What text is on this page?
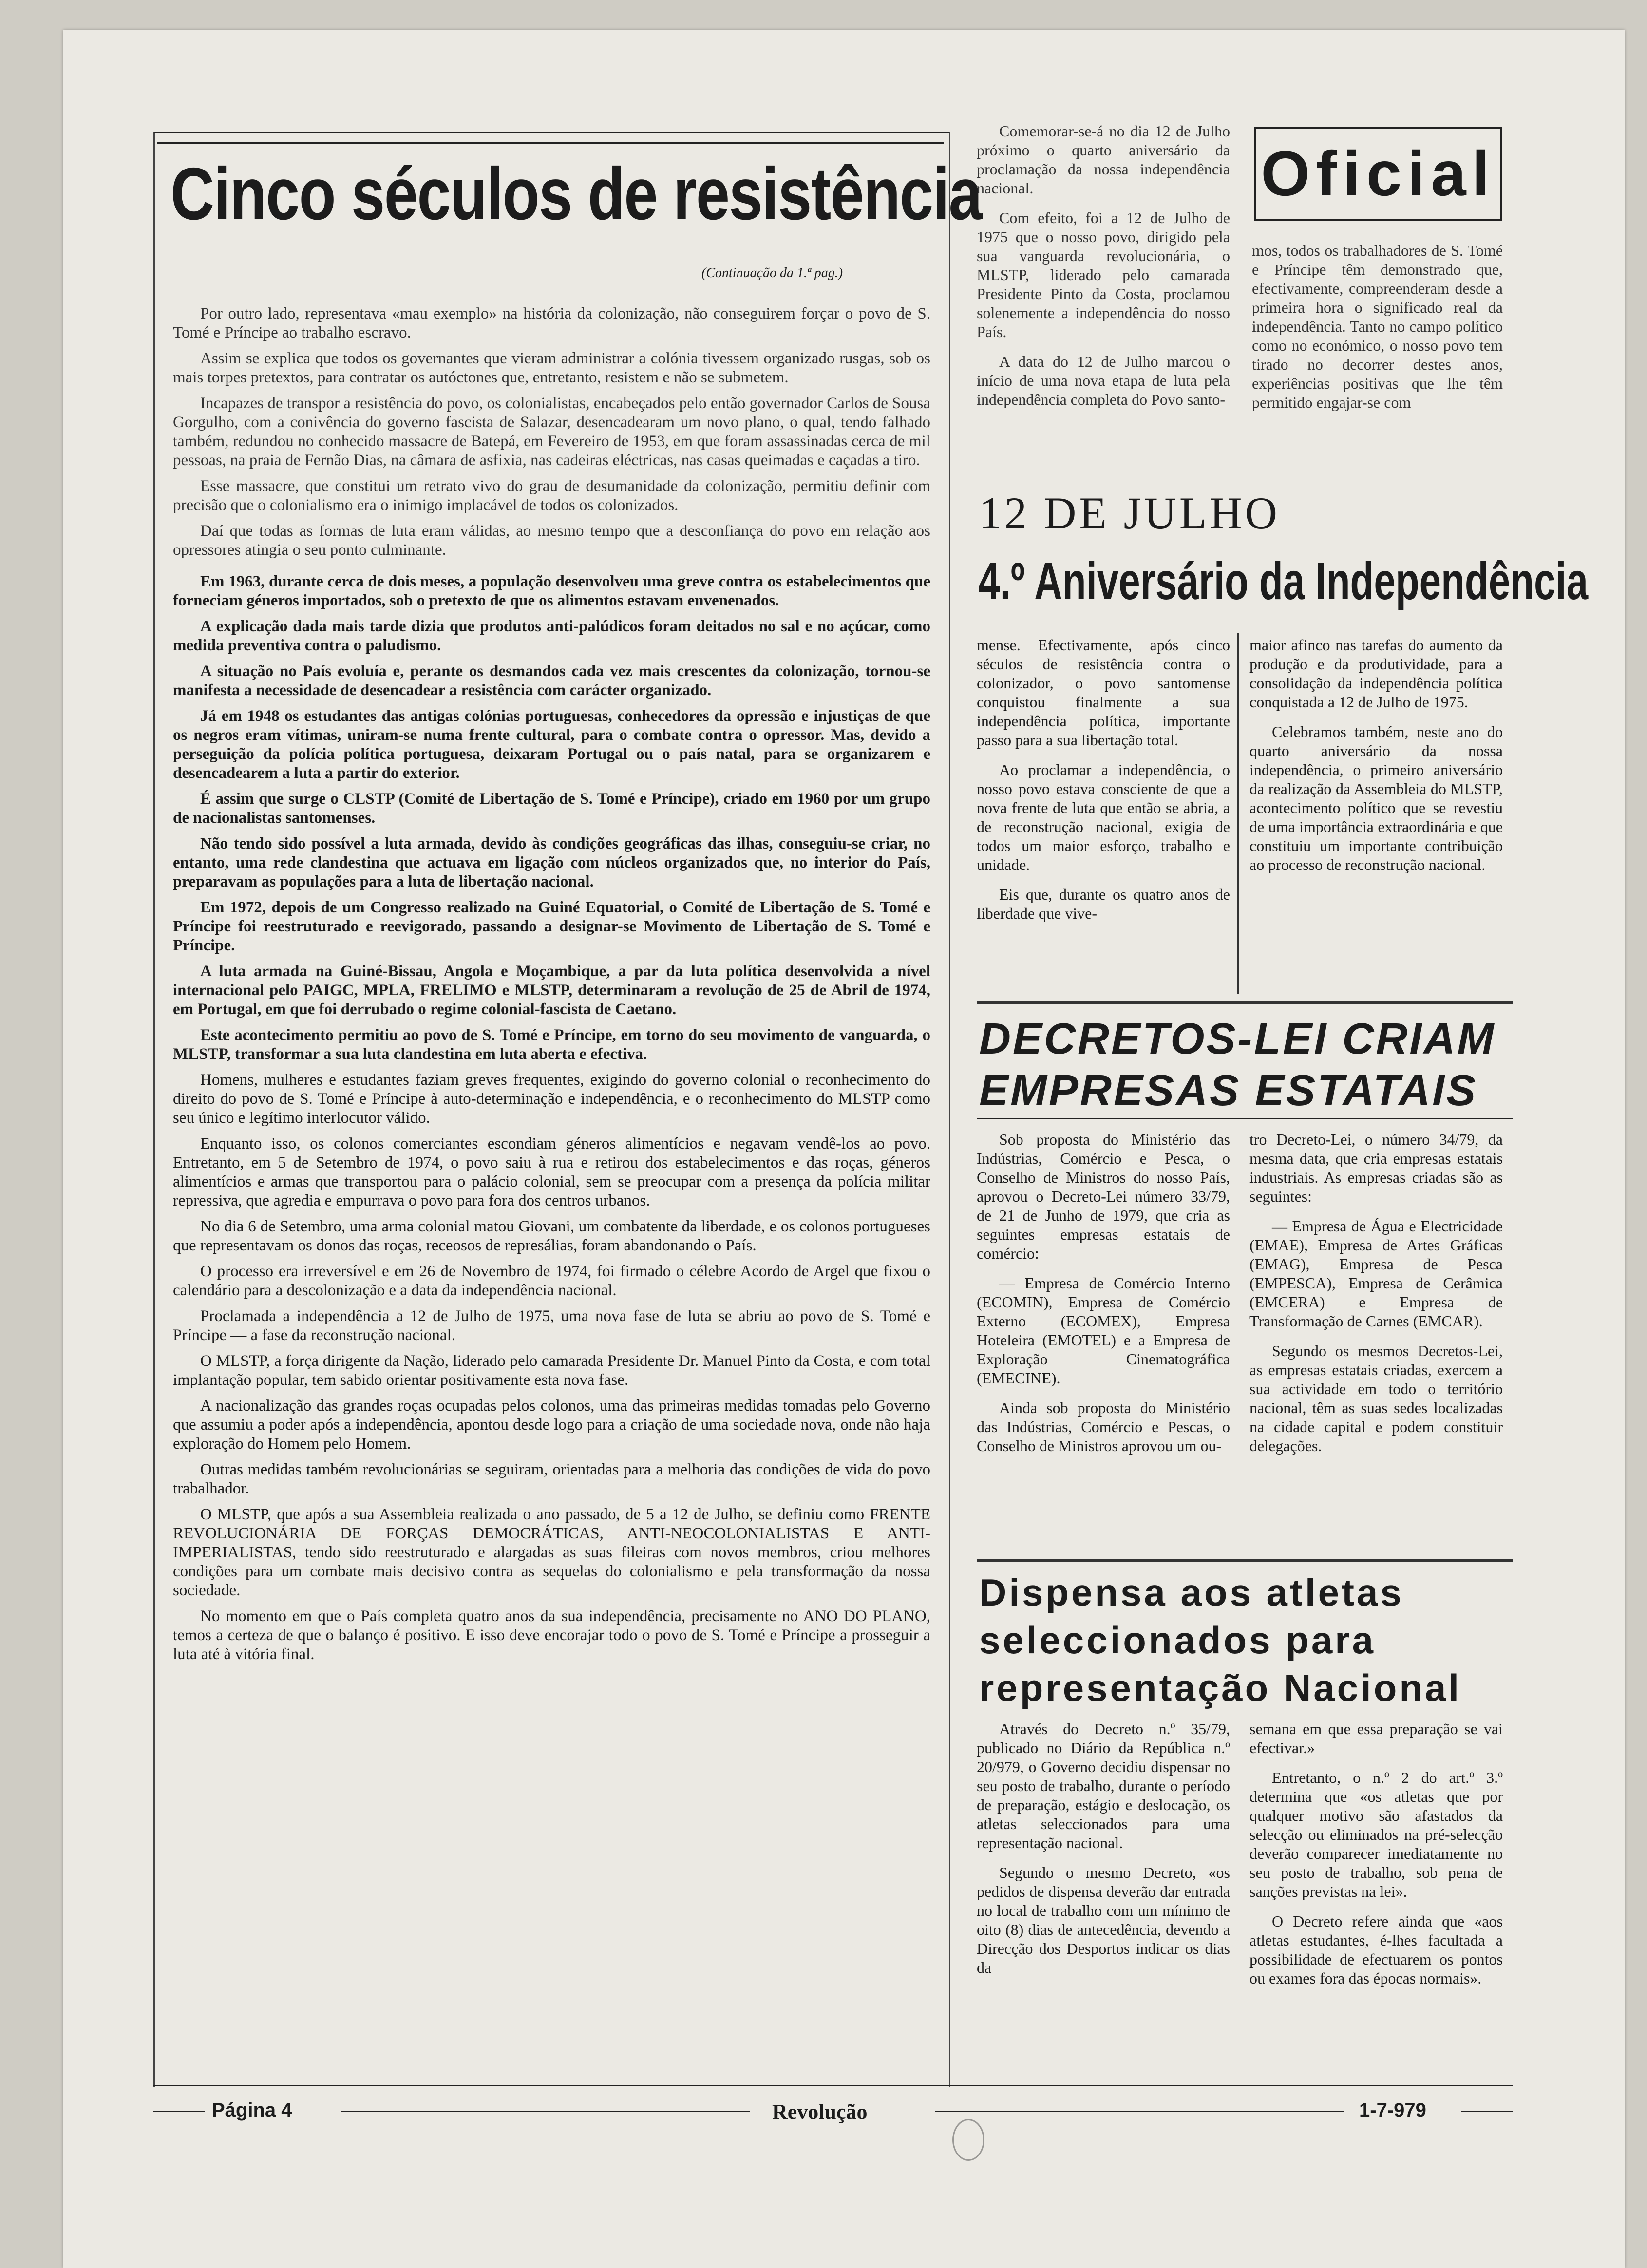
Cinco séculos de resistência
(Continuação da 1.ª pag.)

Por outro lado, representava «mau exemplo» na história da colonização, não conseguirem forçar o povo de S. Tomé e Príncipe ao trabalho escravo.

Assim se explica que todos os governantes que vieram administrar a colónia tivessem organizado rusgas, sob os mais torpes pretextos, para contratar os autóctones que, entretanto, resistem e não se submetem.

Incapazes de transpor a resistência do povo, os colonialistas, encabeçados pelo então governador Carlos de Sousa Gorgulho, com a conivência do governo fascista de Salazar, desencadearam um novo plano, o qual, tendo falhado também, redundou no conhecido massacre de Batepá, em Fevereiro de 1953, em que foram assassinadas cerca de mil pessoas, na praia de Fernão Dias, na câmara de asfixia, nas cadeiras eléctricas, nas casas queimadas e caçadas a tiro.

Esse massacre, que constitui um retrato vivo do grau de desumanidade da colonização, permitiu definir com precisão que o colonialismo era o inimigo implacável de todos os colonizados.

Daí que todas as formas de luta eram válidas, ao mesmo tempo que a desconfiança do povo em relação aos opressores atingia o seu ponto culminante.

Em 1963, durante cerca de dois meses, a população desenvolveu uma greve contra os estabelecimentos que forneciam géneros importados, sob o pretexto de que os alimentos estavam envenenados.

A explicação dada mais tarde dizia que produtos anti-palúdicos foram deitados no sal e no açúcar, como medida preventiva contra o paludismo.

A situação no País evoluía e, perante os desmandos cada vez mais crescentes da colonização, tornou-se manifesta a necessidade de desencadear a resistência com carácter organizado.

Já em 1948 os estudantes das antigas colónias portuguesas, conhecedores da opressão e injustiças de que os negros eram vítimas, uniram-se numa frente cultural, para o combate contra o opressor. Mas, devido a perseguição da polícia política portuguesa, deixaram Portugal ou o país natal, para se organizarem e desencadearem a luta a partir do exterior.

É assim que surge o CLSTP (Comité de Libertação de S. Tomé e Príncipe), criado em 1960 por um grupo de nacionalistas santomenses.

Não tendo sido possível a luta armada, devido às condições geográficas das ilhas, conseguiu-se criar, no entanto, uma rede clandestina que actuava em ligação com núcleos organizados que, no interior do País, preparavam as populações para a luta de libertação nacional.

Em 1972, depois de um Congresso realizado na Guiné Equatorial, o Comité de Libertação de S. Tomé e Príncipe foi reestruturado e reevigorado, passando a designar-se Movimento de Libertação de S. Tomé e Príncipe.

A luta armada na Guiné-Bissau, Angola e Moçambique, a par da luta política desenvolvida a nível internacional pelo PAIGC, MPLA, FRELIMO e MLSTP, determinaram a revolução de 25 de Abril de 1974, em Portugal, em que foi derrubado o regime colonial-fascista de Caetano.

Este acontecimento permitiu ao povo de S. Tomé e Príncipe, em torno do seu movimento de vanguarda, o MLSTP, transformar a sua luta clandestina em luta aberta e efectiva.

Homens, mulheres e estudantes faziam greves frequentes, exigindo do governo colonial o reconhecimento do direito do povo de S. Tomé e Príncipe à auto-determinação e independência, e o reconhecimento do MLSTP como seu único e legítimo interlocutor válido.

Enquanto isso, os colonos comerciantes escondiam géneros alimentícios e negavam vendê-los ao povo. Entretanto, em 5 de Setembro de 1974, o povo saiu à rua e retirou dos estabelecimentos e das roças, géneros alimentícios e armas que transportou para o palácio colonial, sem se preocupar com a presença da polícia militar repressiva, que agredia e empurrava o povo para fora dos centros urbanos.

No dia 6 de Setembro, uma arma colonial matou Giovani, um combatente da liberdade, e os colonos portugueses que representavam os donos das roças, receosos de represálias, foram abandonando o País.

O processo era irreversível e em 26 de Novembro de 1974, foi firmado o célebre Acordo de Argel que fixou o calendário para a descolonização e a data da independência nacional.

Proclamada a independência a 12 de Julho de 1975, uma nova fase de luta se abriu ao povo de S. Tomé e Príncipe — a fase da reconstrução nacional.

O MLSTP, a força dirigente da Nação, liderado pelo camarada Presidente Dr. Manuel Pinto da Costa, e com total implantação popular, tem sabido orientar positivamente esta nova fase.

A nacionalização das grandes roças ocupadas pelos colonos, uma das primeiras medidas tomadas pelo Governo que assumiu a poder após a independência, apontou desde logo para a criação de uma sociedade nova, onde não haja exploração do Homem pelo Homem.

Outras medidas também revolucionárias se seguiram, orientadas para a melhoria das condições de vida do povo trabalhador.

O MLSTP, que após a sua Assembleia realizada o ano passado, de 5 a 12 de Julho, se definiu como FRENTE REVOLUCIONÁRIA DE FORÇAS DEMOCRÁTICAS, ANTI-NEOCOLONIALISTAS E ANTI-IMPERIALISTAS, tendo sido reestruturado e alargadas as suas fileiras com novos membros, criou melhores condições para um combate mais decisivo contra as sequelas do colonialismo e pela transformação da nossa sociedade.

No momento em que o País completa quatro anos da sua independência, precisamente no ANO DO PLANO, temos a certeza de que o balanço é positivo. E isso deve encorajar todo o povo de S. Tomé e Príncipe a prosseguir a luta até à vitória final.

Oficial

Comemorar-se-á no dia 12 de Julho próximo o quarto aniversário da proclamação da nossa independência nacional.

Com efeito, foi a 12 de Julho de 1975 que o nosso povo, dirigido pela sua vanguarda revolucionária, o MLSTP, liderado pelo camarada Presidente Pinto da Costa, proclamou solenemente a independência do nosso País.

A data do 12 de Julho marcou o início de uma nova etapa de luta pela independência completa do Povo santo-

mos, todos os trabalhadores de S. Tomé e Príncipe têm demonstrado que, efectivamente, compreenderam desde a primeira hora o significado real da independência. Tanto no campo político como no económico, o nosso povo tem tirado no decorrer destes anos, experiências positivas que lhe têm permitido engajar-se com

12 DE JULHO
4.º Aniversário da Independência

mense. Efectivamente, após cinco séculos de resistência contra o colonizador, o povo santomense conquistou finalmente a sua independência política, importante passo para a sua libertação total.

Ao proclamar a independência, o nosso povo estava consciente de que a nova frente de luta que então se abria, a de reconstrução nacional, exigia de todos um maior esforço, trabalho e unidade.

Eis que, durante os quatro anos de liberdade que vive-

maior afinco nas tarefas do aumento da produção e da produtividade, para a consolidação da independência política conquistada a 12 de Julho de 1975.

Celebramos também, neste ano do quarto aniversário da nossa independência, o primeiro aniversário da realização da Assembleia do MLSTP, acontecimento político que se revestiu de uma importância extraordinária e que constituiu um importante contribuição ao processo de reconstrução nacional.

DECRETOS-LEI CRIAM
EMPRESAS ESTATAIS

Sob proposta do Ministério das Indústrias, Comércio e Pesca, o Conselho de Ministros do nosso País, aprovou o Decreto-Lei número 33/79, de 21 de Junho de 1979, que cria as seguintes empresas estatais de comércio:

— Empresa de Comércio Interno (ECOMIN), Empresa de Comércio Externo (ECOMEX), Empresa Hoteleira (EMOTEL) e a Empresa de Exploração Cinematográfica (EMECINE).

Ainda sob proposta do Ministério das Indústrias, Comércio e Pescas, o Conselho de Ministros aprovou um ou-

tro Decreto-Lei, o número 34/79, da mesma data, que cria empresas estatais industriais. As empresas criadas são as seguintes:

— Empresa de Água e Electricidade (EMAE), Empresa de Artes Gráficas (EMAG), Empresa de Pesca (EMPESCA), Empresa de Cerâmica (EMCERA) e Empresa de Transformação de Carnes (EMCAR).

Segundo os mesmos Decretos-Lei, as empresas estatais criadas, exercem a sua actividade em todo o território nacional, têm as suas sedes localizadas na cidade capital e podem constituir delegações.

Dispensa aos atletas
seleccionados para
representação Nacional

Através do Decreto n.º 35/79, publicado no Diário da República n.º 20/979, o Governo decidiu dispensar no seu posto de trabalho, durante o período de preparação, estágio e deslocação, os atletas seleccionados para uma representação nacional.

Segundo o mesmo Decreto, «os pedidos de dispensa deverão dar entrada no local de trabalho com um mínimo de oito (8) dias de antecedência, devendo a Direcção dos Desportos indicar os dias da

semana em que essa preparação se vai efectivar.»

Entretanto, o n.º 2 do art.º 3.º determina que «os atletas que por qualquer motivo são afastados da selecção ou eliminados na pré-selecção deverão comparecer imediatamente no seu posto de trabalho, sob pena de sanções previstas na lei».

O Decreto refere ainda que «aos atletas estudantes, é-lhes facultada a possibilidade de efectuarem os pontos ou exames fora das épocas normais».

Página 4	Revolução	1-7-979
